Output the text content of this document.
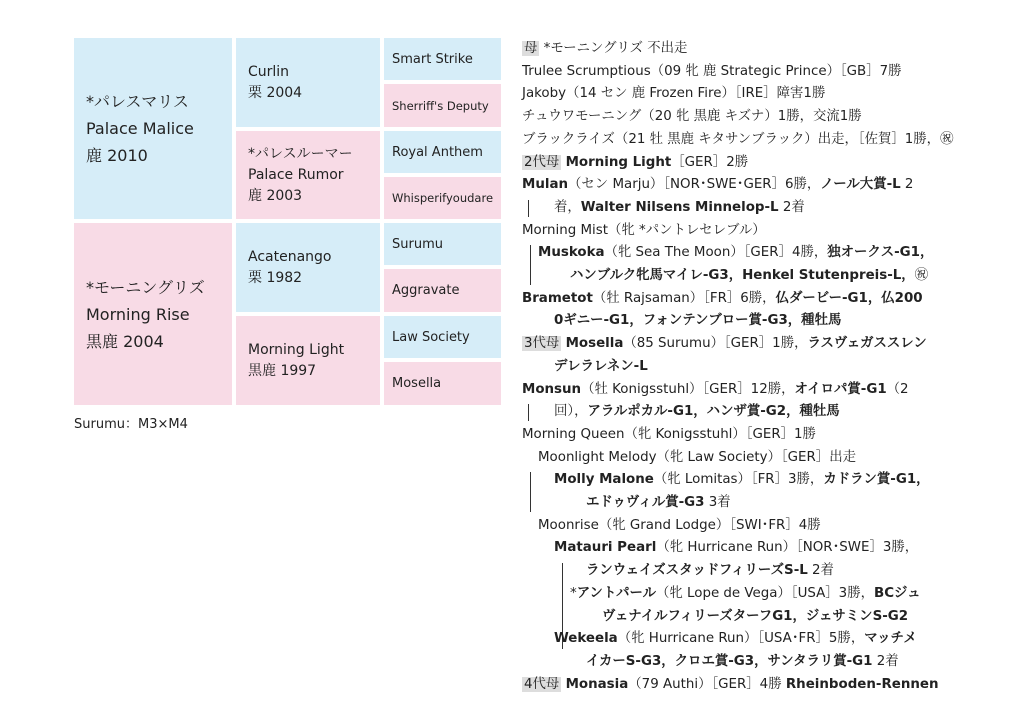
*パレスマリス
Palace Malice
鹿 2010
*モーニングリズ
Morning Rise
黒鹿 2004
Curlin
栗 2004
*パレスルーマー
Palace Rumor
鹿 2003
Acatenango
栗 1982
Morning Light
黒鹿 1997
Smart Strike
Sherriff's Deputy
Royal Anthem
Whisperifyoudare
Surumu
Aggravate
Law Society
Mosella
Surumu：M3×M4
母 *モーニングリズ 不出走
Trulee Scrumptious（09 牝 鹿 Strategic Prince）［GB］7勝
Jakoby（14 セン 鹿 Frozen Fire）［IRE］障害1勝
チュウワモーニング（20 牝 黒鹿 キズナ）1勝，交流1勝
ブラックライズ（21 牡 黒鹿 キタサンブラック）出走，［佐賀］1勝，㊗
2代母 Morning Light［GER］2勝
Mulan（セン Marju）［NOR･SWE･GER］6勝，ノール大賞-L 2
着，Walter Nilsens Minnelop-L 2着
Morning Mist（牝 *パントレセレブル）
Muskoka（牝 Sea The Moon）［GER］4勝，独オークス-G1，
ハンブルク牝馬マイレ-G3，Henkel Stutenpreis-L，㊗
Brametot（牡 Rajsaman）［FR］6勝，仏ダービー-G1，仏200
0ギニー-G1，フォンテンブロー賞-G3，種牡馬
3代母 Mosella（85 Surumu）［GER］1勝，ラスヴェガススレン
デレラレネン-L
Monsun（牡 Konigsstuhl）［GER］12勝，オイロパ賞-G1（2
回），アラルポカル-G1，ハンザ賞-G2，種牡馬
Morning Queen（牝 Konigsstuhl）［GER］1勝
Moonlight Melody（牝 Law Society）［GER］出走
Molly Malone（牝 Lomitas）［FR］3勝，カドラン賞-G1，
エドゥヴィル賞-G3 3着
Moonrise（牝 Grand Lodge）［SWI･FR］4勝
Matauri Pearl（牝 Hurricane Run）［NOR･SWE］3勝，
ランウェイズスタッドフィリーズS-L 2着
*アントパール（牝 Lope de Vega）［USA］3勝，BCジュ
ヴェナイルフィリーズターフG1，ジェサミンS-G2
Wekeela（牝 Hurricane Run）［USA･FR］5勝，マッチメ
イカーS-G3，クロエ賞-G3，サンタラリ賞-G1 2着
4代母 Monasia（79 Authi）［GER］4勝 Rheinboden-Rennen
